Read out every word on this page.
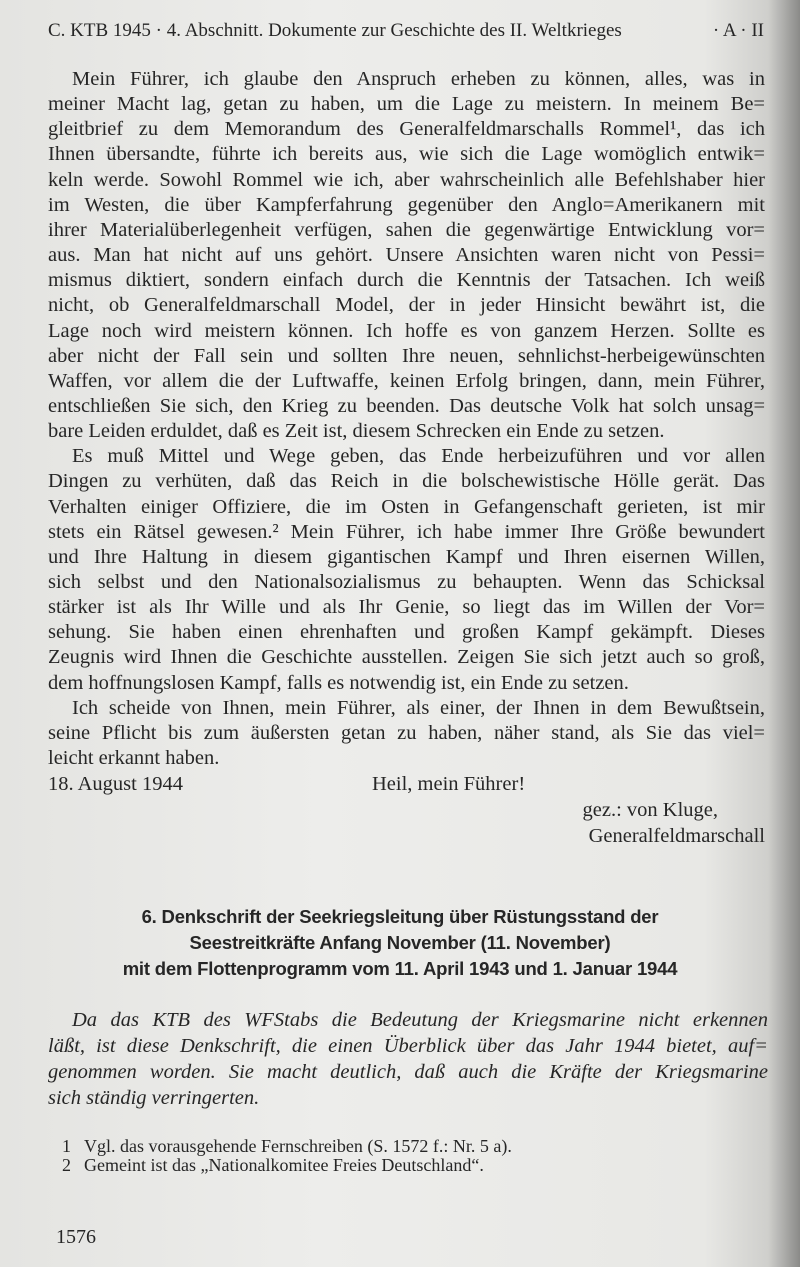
C. KTB 1945 · 4. Abschnitt. Dokumente zur Geschichte des II. Weltkrieges	· A · II
Mein Führer, ich glaube den Anspruch erheben zu können, alles, was in
meiner Macht lag, getan zu haben, um die Lage zu meistern. In meinem Be=
gleitbrief zu dem Memorandum des Generalfeldmarschalls Rommel¹, das ich
Ihnen übersandte, führte ich bereits aus, wie sich die Lage womöglich entwik=
keln werde. Sowohl Rommel wie ich, aber wahrscheinlich alle Befehlshaber hier
im Westen, die über Kampferfahrung gegenüber den Anglo=Amerikanern mit
ihrer Materialüberlegenheit verfügen, sahen die gegenwärtige Entwicklung vor=
aus. Man hat nicht auf uns gehört. Unsere Ansichten waren nicht von Pessi=
mismus diktiert, sondern einfach durch die Kenntnis der Tatsachen. Ich weiß
nicht, ob Generalfeldmarschall Model, der in jeder Hinsicht bewährt ist, die
Lage noch wird meistern können. Ich hoffe es von ganzem Herzen. Sollte es
aber nicht der Fall sein und sollten Ihre neuen, sehnlichst-herbeigewünschten
Waffen, vor allem die der Luftwaffe, keinen Erfolg bringen, dann, mein Führer,
entschließen Sie sich, den Krieg zu beenden. Das deutsche Volk hat solch unsag=
bare Leiden erduldet, daß es Zeit ist, diesem Schrecken ein Ende zu setzen.
Es muß Mittel und Wege geben, das Ende herbeizuführen und vor allen
Dingen zu verhüten, daß das Reich in die bolschewistische Hölle gerät. Das
Verhalten einiger Offiziere, die im Osten in Gefangenschaft gerieten, ist mir
stets ein Rätsel gewesen.² Mein Führer, ich habe immer Ihre Größe bewundert
und Ihre Haltung in diesem gigantischen Kampf und Ihren eisernen Willen,
sich selbst und den Nationalsozialismus zu behaupten. Wenn das Schicksal
stärker ist als Ihr Wille und als Ihr Genie, so liegt das im Willen der Vor=
sehung. Sie haben einen ehrenhaften und großen Kampf gekämpft. Dieses
Zeugnis wird Ihnen die Geschichte ausstellen. Zeigen Sie sich jetzt auch so groß,
dem hoffnungslosen Kampf, falls es notwendig ist, ein Ende zu setzen.
Ich scheide von Ihnen, mein Führer, als einer, der Ihnen in dem Bewußtsein,
seine Pflicht bis zum äußersten getan zu haben, näher stand, als Sie das viel=
leicht erkannt haben.
18. August 1944	Heil, mein Führer!
gez.: von Kluge,
Generalfeldmarschall
6. Denkschrift der Seekriegsleitung über Rüstungsstand der
Seestreitkräfte Anfang November (11. November)
mit dem Flottenprogramm vom 11. April 1943 und 1. Januar 1944
Da das KTB des WFStabs die Bedeutung der Kriegsmarine nicht erkennen
läßt, ist diese Denkschrift, die einen Überblick über das Jahr 1944 bietet, auf=
genommen worden. Sie macht deutlich, daß auch die Kräfte der Kriegsmarine
sich ständig verringerten.
1 Vgl. das vorausgehende Fernschreiben (S. 1572 f.: Nr. 5 a).
2 Gemeint ist das „Nationalkomitee Freies Deutschland“.
1576
